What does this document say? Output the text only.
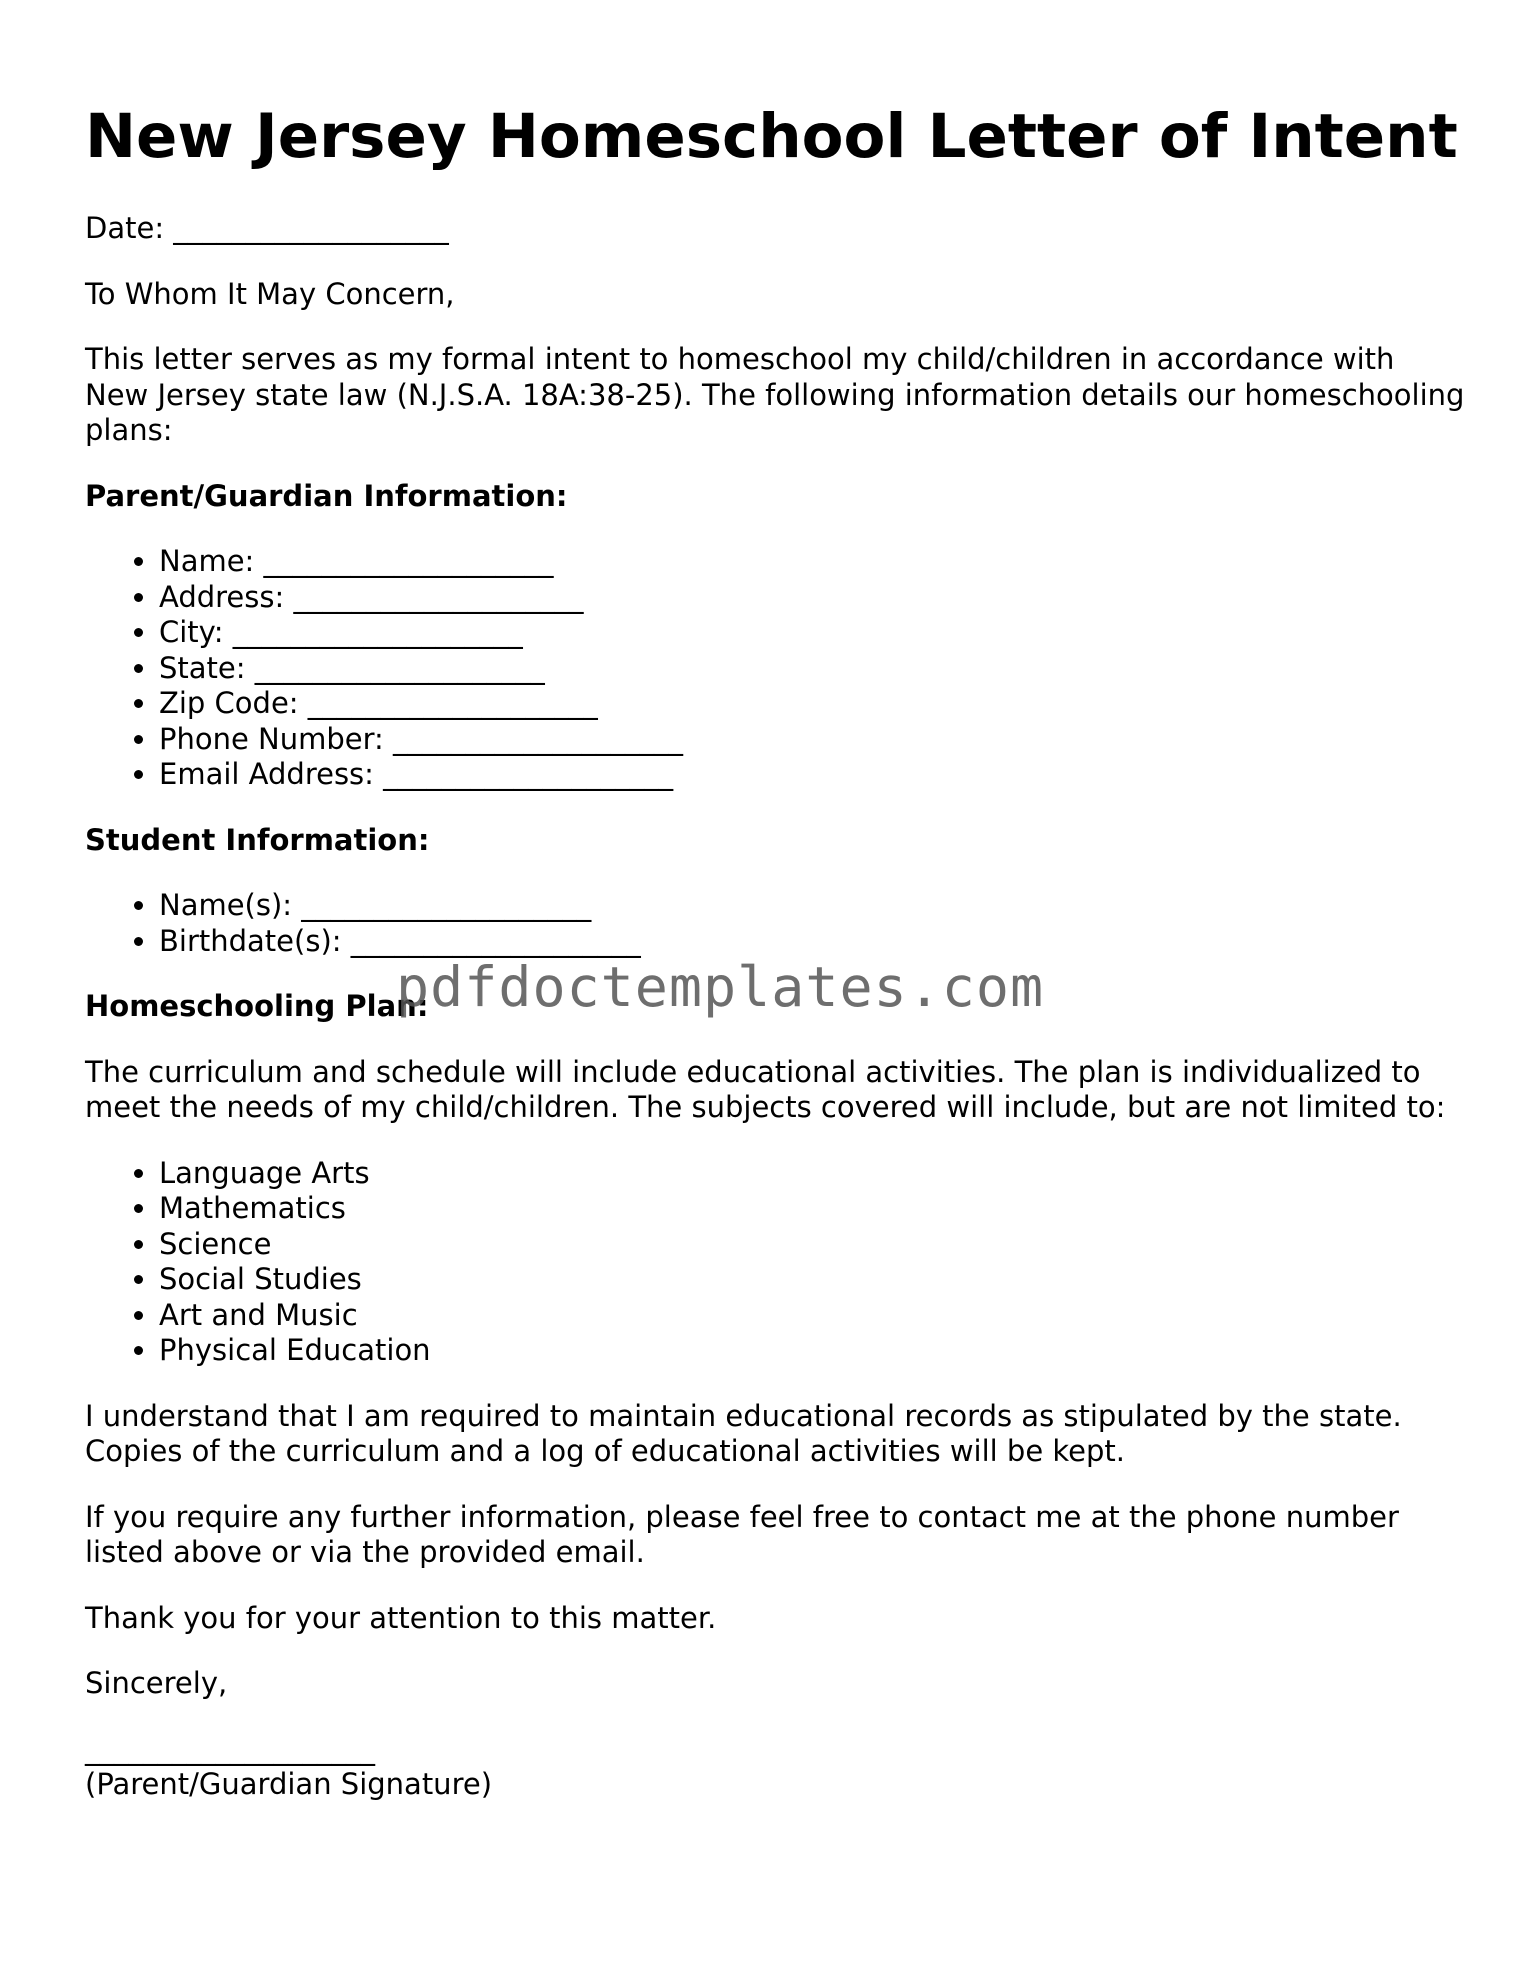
New Jersey Homeschool Letter of Intent

Date: ___________________

To Whom It May Concern,

This letter serves as my formal intent to homeschool my child/children in accordance with New Jersey state law (N.J.S.A. 18A:38-25). The following information details our homeschooling plans:

Parent/Guardian Information:

• Name: ____________________
• Address: ____________________
• City: ____________________
• State: ____________________
• Zip Code: ____________________
• Phone Number: ____________________
• Email Address: ____________________

Student Information:

• Name(s): ____________________
• Birthdate(s): ____________________

Homeschooling Plan:

The curriculum and schedule will include educational activities. The plan is individualized to meet the needs of my child/children. The subjects covered will include, but are not limited to:

• Language Arts
• Mathematics
• Science
• Social Studies
• Art and Music
• Physical Education

I understand that I am required to maintain educational records as stipulated by the state. Copies of the curriculum and a log of educational activities will be kept.

If you require any further information, please feel free to contact me at the phone number listed above or via the provided email.

Thank you for your attention to this matter.

Sincerely,

____________________

(Parent/Guardian Signature)

pdfdoctemplates.com
